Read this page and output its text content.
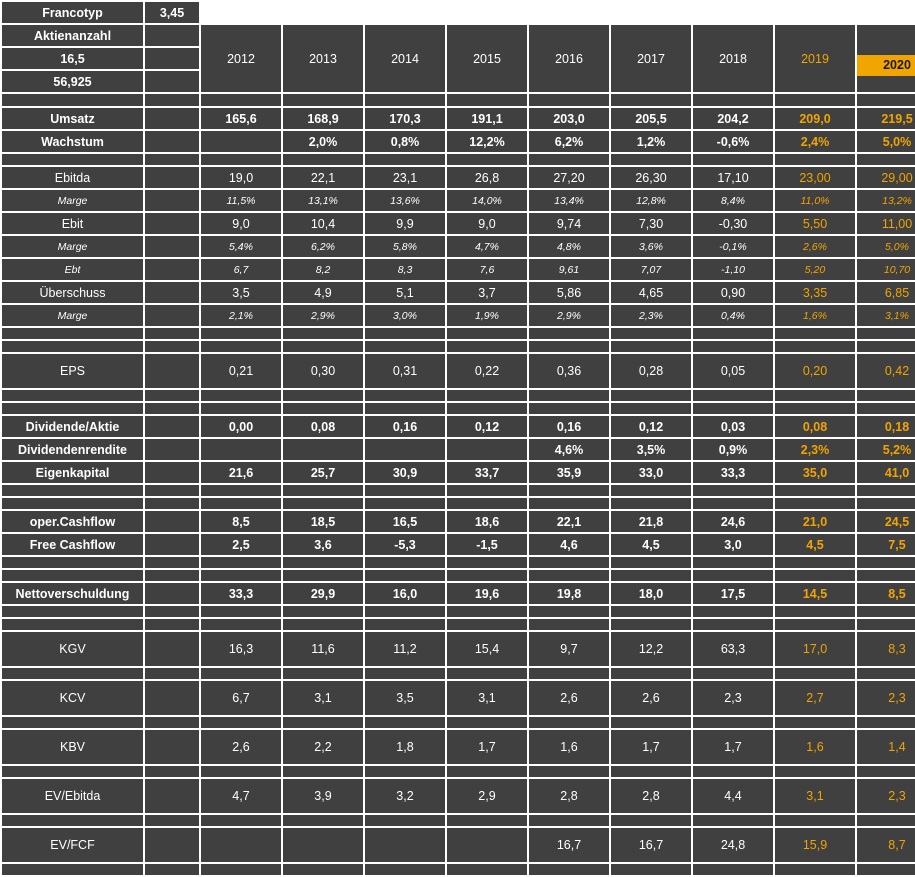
Francotyp	3,45									
Aktienanzahl		2012	2013	2014	2015	2016	2017	2018	2019	2020

16,5										
56,925										

Umsatz		165,6	168,9	170,3	191,1	203,0	205,5	204,2	209,0	219,5
Wachstum			2,0%	0,8%	12,2%	6,2%	1,2%	-0,6%	2,4%	5,0%

Ebitda		19,0	22,1	23,1	26,8	27,20	26,30	17,10	23,00	29,00
Marge		11,5%	13,1%	13,6%	14,0%	13,4%	12,8%	8,4%	11,0%	13,2%
Ebit		9,0	10,4	9,9	9,0	9,74	7,30	-0,30	5,50	11,00
Marge		5,4%	6,2%	5,8%	4,7%	4,8%	3,6%	-0,1%	2,6%	5,0%
Ebt		6,7	8,2	8,3	7,6	9,61	7,07	-1,10	5,20	10,70
Überschuss		3,5	4,9	5,1	3,7	5,86	4,65	0,90	3,35	6,85
Marge		2,1%	2,9%	3,0%	1,9%	2,9%	2,3%	0,4%	1,6%	3,1%

EPS		0,21	0,30	0,31	0,22	0,36	0,28	0,05	0,20	0,42

Dividende/Aktie		0,00	0,08	0,16	0,12	0,16	0,12	0,03	0,08	0,18
Dividendenrendite						4,6%	3,5%	0,9%	2,3%	5,2%
Eigenkapital		21,6	25,7	30,9	33,7	35,9	33,0	33,3	35,0	41,0

oper.Cashflow		8,5	18,5	16,5	18,6	22,1	21,8	24,6	21,0	24,5
Free Cashflow		2,5	3,6	-5,3	-1,5	4,6	4,5	3,0	4,5	7,5

Nettoverschuldung		33,3	29,9	16,0	19,6	19,8	18,0	17,5	14,5	8,5

KGV		16,3	11,6	11,2	15,4	9,7	12,2	63,3	17,0	8,3

KCV		6,7	3,1	3,5	3,1	2,6	2,6	2,3	2,7	2,3

KBV		2,6	2,2	1,8	1,7	1,6	1,7	1,7	1,6	1,4

EV/Ebitda		4,7	3,9	3,2	2,9	2,8	2,8	4,4	3,1	2,3

EV/FCF						16,7	16,7	24,8	15,9	8,7
